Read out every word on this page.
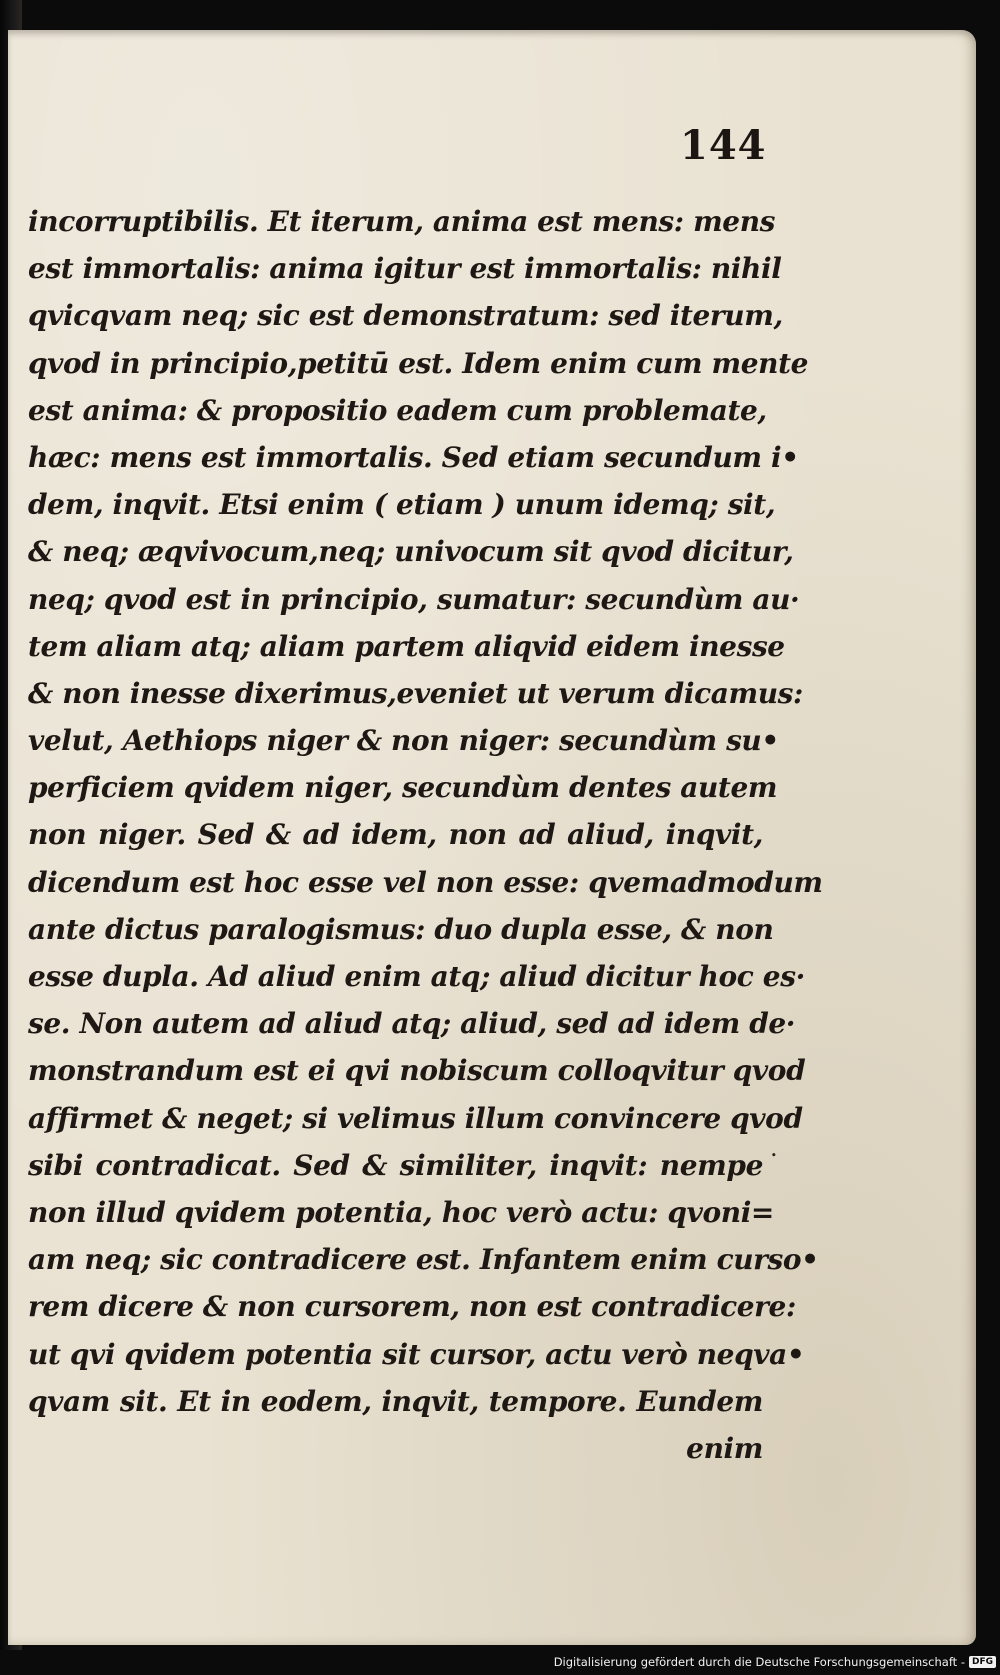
144
incorruptibilis. Et iterum, anima est mens: mens
est immortalis: anima igitur est immortalis: nihil
qvicqvam neq; sic est demonstratum: sed iterum,
qvod in principio,petitū est. Idem enim cum mente
est anima: & propositio eadem cum problemate,
hæc: mens est immortalis. Sed etiam secundum i•
dem, inqvit. Etsi enim ( etiam ) unum idemq; sit,
& neq; æqvivocum,neq; univocum sit qvod dicitur,
neq; qvod est in principio, sumatur: secundùm au·
tem aliam atq; aliam partem aliqvid eidem inesse
& non inesse dixerimus,eveniet ut verum dicamus:
velut, Aethiops niger & non niger: secundùm su•
perficiem qvidem niger, secundùm dentes autem
non niger. Sed & ad idem, non ad aliud, inqvit,
dicendum est hoc esse vel non esse: qvemadmodum
ante dictus paralogismus: duo dupla esse, & non
esse dupla. Ad aliud enim atq; aliud dicitur hoc es·
se. Non autem ad aliud atq; aliud, sed ad idem de·
monstrandum est ei qvi nobiscum colloqvitur qvod
affirmet & neget; si velimus illum convincere qvod
sibi contradicat. Sed & similiter, inqvit: nempe
non illud qvidem potentia, hoc verò actu: qvoni=
am neq; sic contradicere est. Infantem enim curso•
rem dicere & non cursorem, non est contradicere:
ut qvi qvidem potentia sit cursor, actu verò neqva•
qvam sit. Et in eodem, inqvit, tempore. Eundem
enim
.
Digitalisierung gefördert durch die Deutsche Forschungsgemeinschaft - DFG
